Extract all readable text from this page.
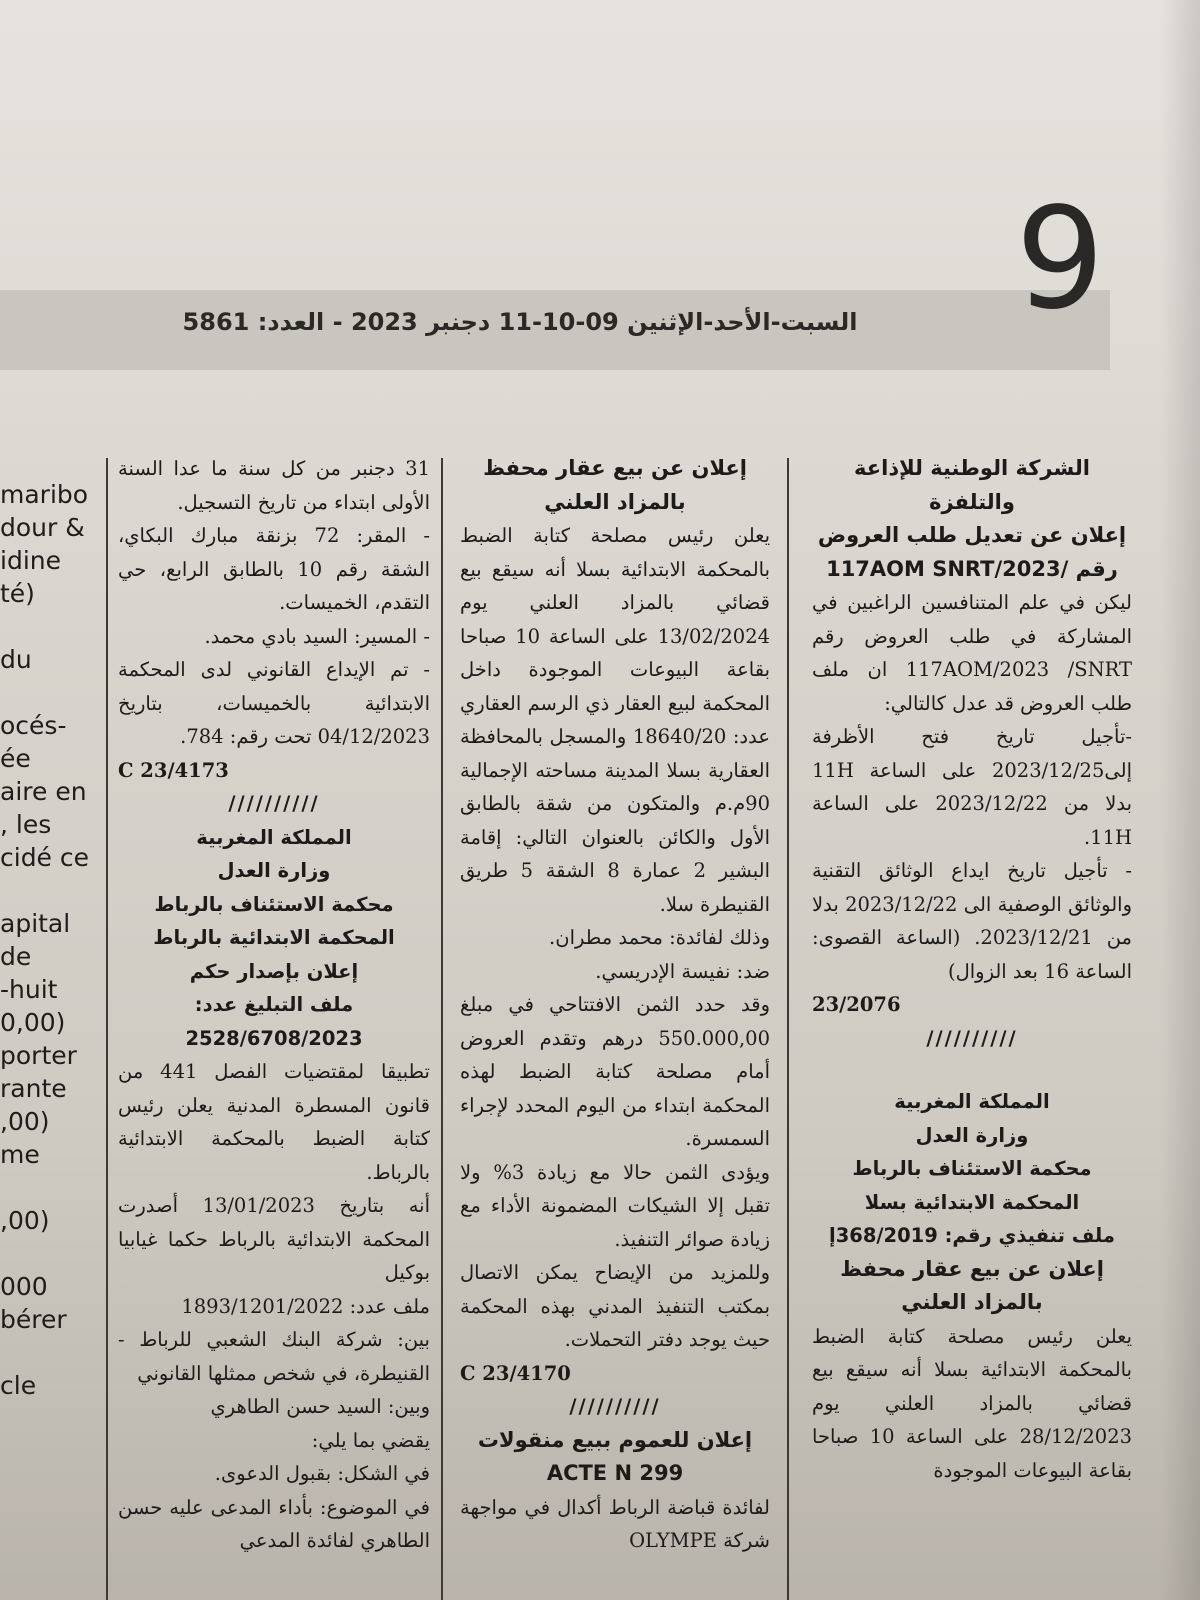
9
السبت-الأحد-الإثنين 09-10-11 دجنبر 2023 - العدد: 5861
maribo
dour &
idine
té)
du
océs-
ée
aire en
, les
cidé ce
apital
de
-huit
0,00)
porter
rante
,00)
me
,00)
000
bérer
cle

الشركة الوطنية للإذاعة والتلفزة

إعلان عن تعديل طلب العروض رقم /117AOM SNRT/2023

ليكن في علم المتنافسين الراغبين في المشاركة في طلب العروض رقم 117AOM/2023 /SNRT ان ملف طلب العروض قد عدل كالتالي:

-تأجيل تاريخ فتح الأظرفة إلى2023/12/25 على الساعة 11H بدلا من 2023/12/22 على الساعة 11H.

- تأجيل تاريخ ايداع الوثائق التقنية والوثائق الوصفية الى 2023/12/22 بدلا من 2023/12/21. (الساعة القصوى: الساعة 16 بعد الزوال)

23/2076

//////////

المملكة المغربية

وزارة العدل

محكمة الاستئناف بالرباط

المحكمة الابتدائية بسلا

ملف تنفيذي رقم: 368/2019إ

إعلان عن بيع عقار محفظ بالمزاد العلني

يعلن رئيس مصلحة كتابة الضبط بالمحكمة الابتدائية بسلا أنه سيقع بيع قضائي بالمزاد العلني يوم 28/12/2023 على الساعة 10 صباحا بقاعة البيوعات الموجودة

إعلان عن بيع عقار محفظ بالمزاد العلني

يعلن رئيس مصلحة كتابة الضبط بالمحكمة الابتدائية بسلا أنه سيقع بيع قضائي بالمزاد العلني يوم 13/02/2024 على الساعة 10 صباحا بقاعة البيوعات الموجودة داخل المحكمة لبيع العقار ذي الرسم العقاري عدد: 18640/20 والمسجل بالمحافظة العقارية بسلا المدينة مساحته الإجمالية 90م.م والمتكون من شقة بالطابق الأول والكائن بالعنوان التالي: إقامة البشير 2 عمارة 8 الشقة 5 طريق القنيطرة سلا.

وذلك لفائدة: محمد مطران.

ضد: نفيسة الإدريسي.

وقد حدد الثمن الافتتاحي في مبلغ 550.000,00 درهم وتقدم العروض أمام مصلحة كتابة الضبط لهذه المحكمة ابتداء من اليوم المحدد لإجراء السمسرة.

ويؤدى الثمن حالا مع زيادة 3% ولا تقبل إلا الشيكات المضمونة الأداء مع زيادة صوائر التنفيذ.

وللمزيد من الإيضاح يمكن الاتصال بمكتب التنفيذ المدني بهذه المحكمة حيث يوجد دفتر التحملات.

C 23/4170

//////////

إعلان للعموم ببيع منقولات

ACTE N 299

لفائدة قباضة الرباط أكدال في مواجهة شركة OLYMPE

31 دجنبر من كل سنة ما عدا السنة الأولى ابتداء من تاريخ التسجيل.

- المقر: 72 بزنقة مبارك البكاي، الشقة رقم 10 بالطابق الرابع، حي التقدم، الخميسات.

- المسير: السيد بادي محمد.

- تم الإيداع القانوني لدى المحكمة الابتدائية بالخميسات، بتاريخ 04/12/2023 تحت رقم: 784.

C 23/4173

//////////

المملكة المغربية

وزارة العدل

محكمة الاستئناف بالرباط

المحكمة الابتدائية بالرباط

إعلان بإصدار حكم

ملف التبليغ عدد:

2528/6708/2023

تطبيقا لمقتضيات الفصل 441 من قانون المسطرة المدنية يعلن رئيس كتابة الضبط بالمحكمة الابتدائية بالرباط.

أنه بتاريخ 13/01/2023 أصدرت المحكمة الابتدائية بالرباط حكما غيابيا بوكيل

ملف عدد: 1893/1201/2022

بين: شركة البنك الشعبي للرباط - القنيطرة، في شخص ممثلها القانوني

وبين: السيد حسن الطاهري

يقضي بما يلي:

في الشكل: بقبول الدعوى.

في الموضوع: بأداء المدعى عليه حسن الطاهري لفائدة المدعي
